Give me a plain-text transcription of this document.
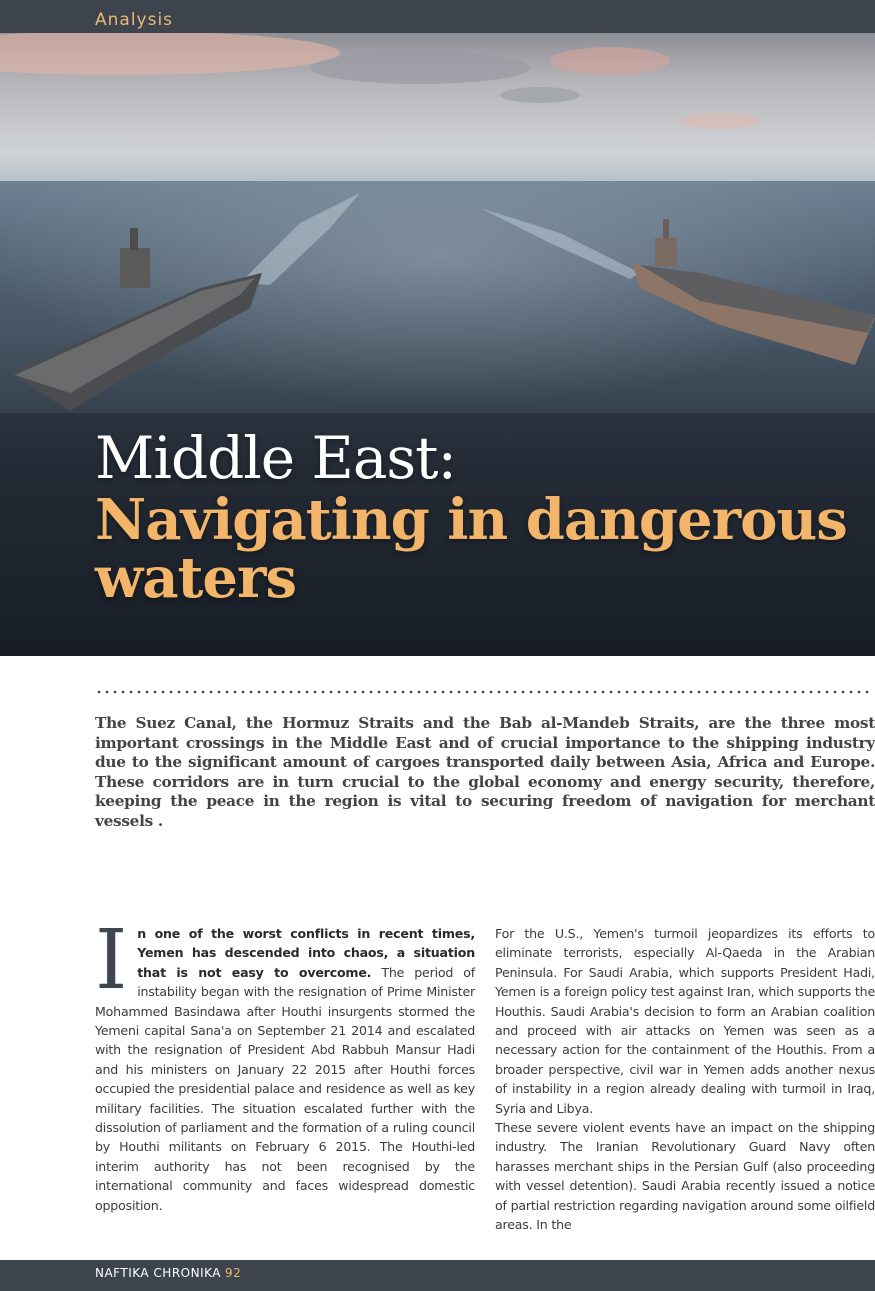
Analysis
Middle East:
Navigating in dangerous
waters
The Suez Canal, the Hormuz Straits and the Bab al-Mandeb Straits, are the three most important crossings in the Middle East and of crucial importance to the shipping industry due to the significant amount of cargoes transported daily between Asia, Africa and Europe. These corridors are in turn crucial to the global economy and energy security, therefore, keeping the peace in the region is vital to securing freedom of navigation for merchant vessels .
I n one of the worst conflicts in recent times, Yemen has descended into chaos, a situation that is not easy to overcome. The period of instability began with the resignation of Prime Minister Mohammed Basindawa after Houthi insurgents stormed the Yemeni capital Sana'a on September 21 2014 and escalated with the resignation of President Abd Rabbuh Mansur Hadi and his ministers on January 22 2015 after Houthi forces occupied the presidential palace and residence as well as key military facilities. The situation escalated further with the dissolution of parliament and the formation of a ruling council by Houthi militants on February 6 2015. The Houthi-led interim authority has not been recognised by the international community and faces widespread domestic opposition.
For the U.S., Yemen's turmoil jeopardizes its efforts to eliminate terrorists, especially Al-Qaeda in the Arabian Peninsula. For Saudi Arabia, which supports President Hadi, Yemen is a foreign policy test against Iran, which supports the Houthis. Saudi Arabia's decision to form an Arabian coalition and proceed with air attacks on Yemen was seen as a necessary action for the containment of the Houthis. From a broader perspective, civil war in Yemen adds another nexus of instability in a region already dealing with turmoil in Iraq, Syria and Libya.
These severe violent events have an impact on the shipping industry. The Iranian Revolutionary Guard Navy often harasses merchant ships in the Persian Gulf (also proceeding with vessel detention). Saudi Arabia recently issued a notice of partial restriction regarding navigation around some oilfield areas. In the
NAFTIKA CHRONIKA 92
